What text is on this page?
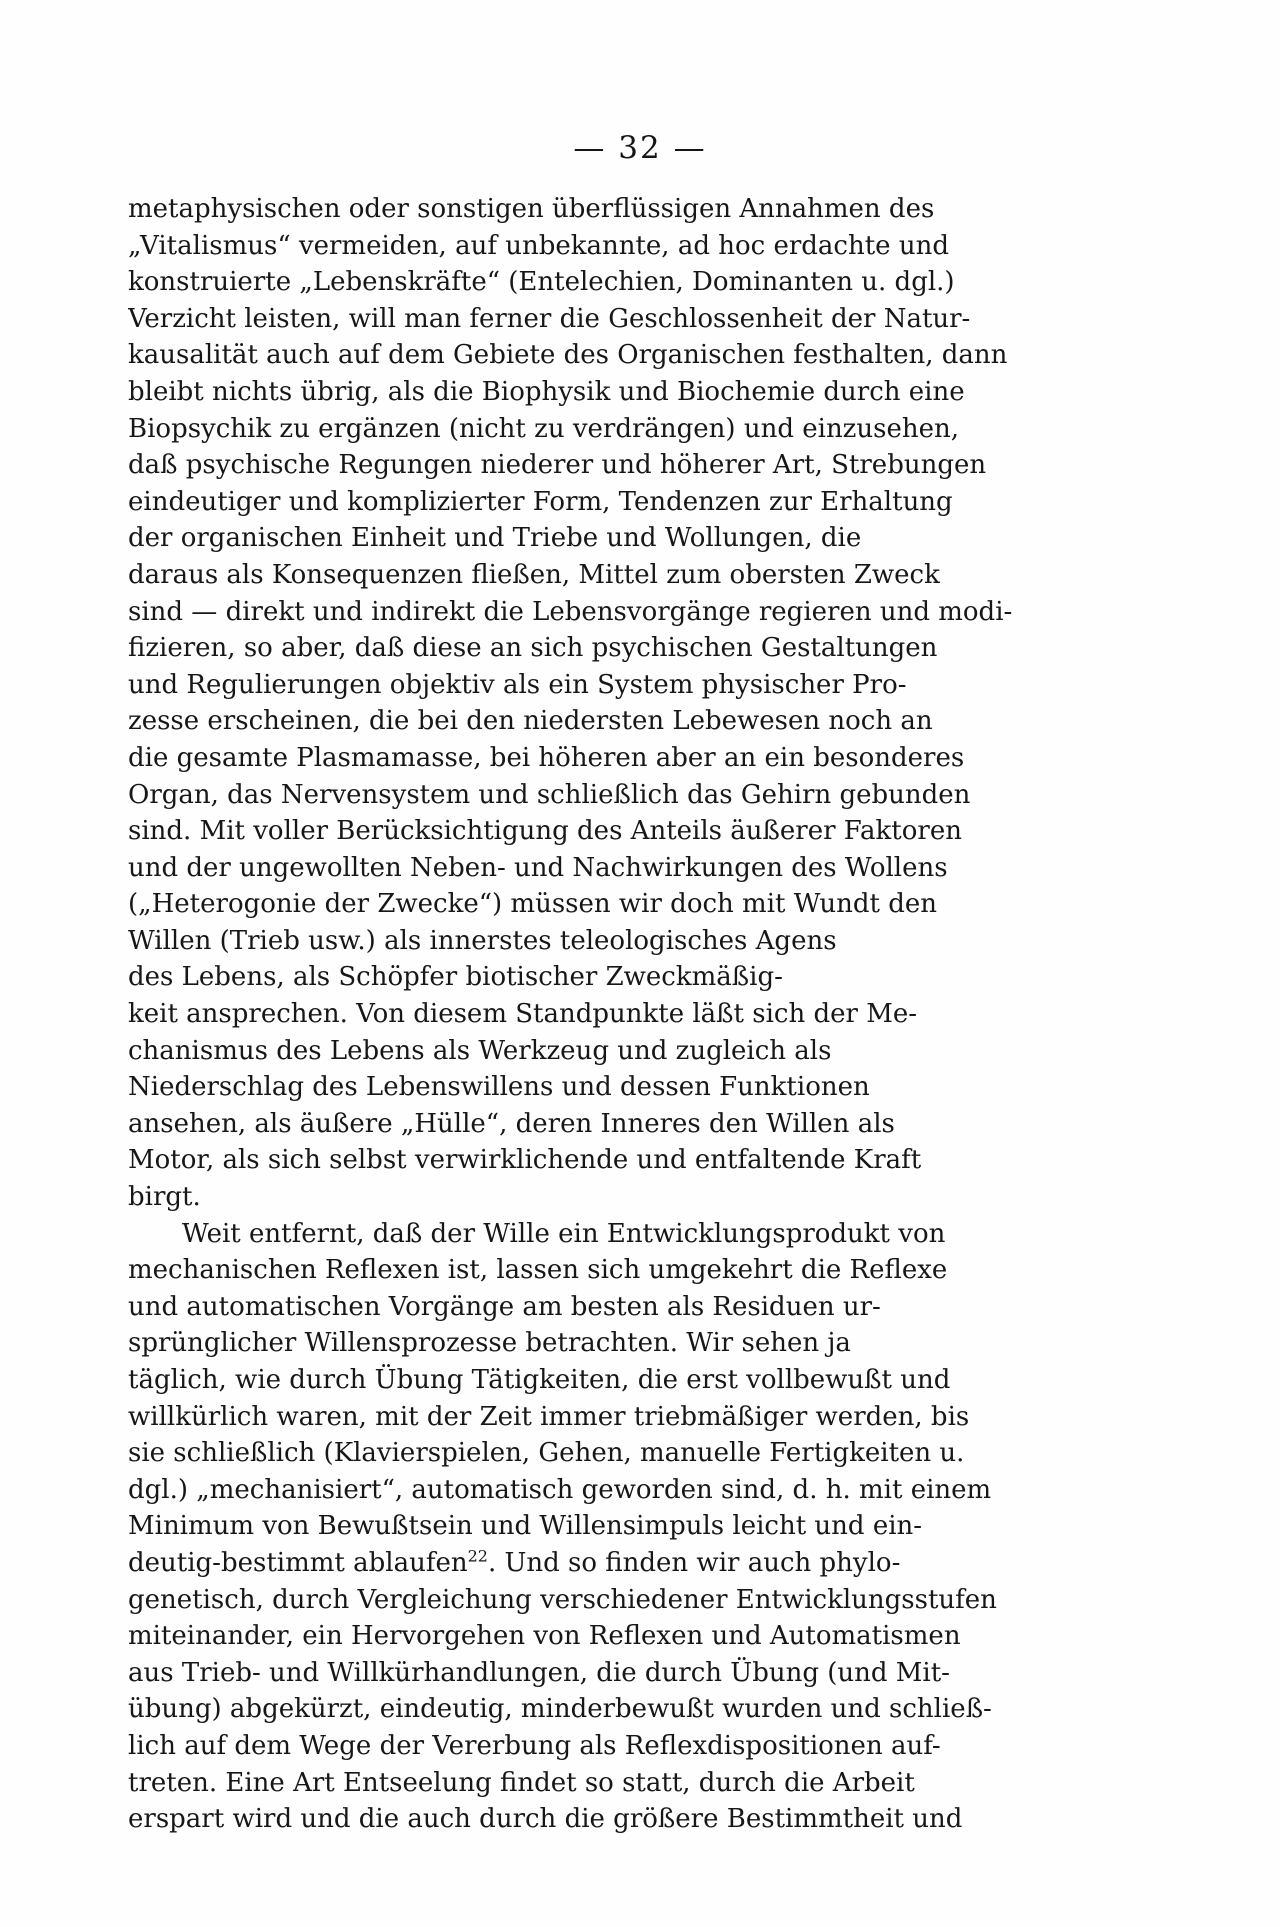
— 32 —
metaphysischen oder sonstigen überflüssigen Annahmen des
„Vitalismus“ vermeiden, auf unbekannte, ad hoc erdachte und
konstruierte „Lebenskräfte“ (Entelechien, Dominanten u. dgl.)
Verzicht leisten, will man ferner die Geschlossenheit der Natur-
kausalität auch auf dem Gebiete des Organischen festhalten, dann
bleibt nichts übrig, als die Biophysik und Biochemie durch eine
Biopsychik zu ergänzen (nicht zu verdrängen) und einzusehen,
daß psychische Regungen niederer und höherer Art, Strebungen
eindeutiger und komplizierter Form, Tendenzen zur Erhaltung
der organischen Einheit und Triebe und Wollungen, die
daraus als Konsequenzen fließen, Mittel zum obersten Zweck
sind — direkt und indirekt die Lebensvorgänge regieren und modi-
fizieren, so aber, daß diese an sich psychischen Gestaltungen
und Regulierungen objektiv als ein System physischer Pro-
zesse erscheinen, die bei den niedersten Lebewesen noch an
die gesamte Plasmamasse, bei höheren aber an ein besonderes
Organ, das Nervensystem und schließlich das Gehirn gebunden
sind. Mit voller Berücksichtigung des Anteils äußerer Faktoren
und der ungewollten Neben- und Nachwirkungen des Wollens
(„Heterogonie der Zwecke“) müssen wir doch mit Wundt den
Willen (Trieb usw.) als innerstes teleologisches Agens
des Lebens, als Schöpfer biotischer Zweckmäßig-
keit ansprechen. Von diesem Standpunkte läßt sich der Me-
chanismus des Lebens als Werkzeug und zugleich als
Niederschlag des Lebenswillens und dessen Funktionen
ansehen, als äußere „Hülle“, deren Inneres den Willen als
Motor, als sich selbst verwirklichende und entfaltende Kraft
birgt.
Weit entfernt, daß der Wille ein Entwicklungsprodukt von
mechanischen Reflexen ist, lassen sich umgekehrt die Reflexe
und automatischen Vorgänge am besten als Residuen ur-
sprünglicher Willensprozesse betrachten. Wir sehen ja
täglich, wie durch Übung Tätigkeiten, die erst vollbewußt und
willkürlich waren, mit der Zeit immer triebmäßiger werden, bis
sie schließlich (Klavierspielen, Gehen, manuelle Fertigkeiten u.
dgl.) „mechanisiert“, automatisch geworden sind, d. h. mit einem
Minimum von Bewußtsein und Willensimpuls leicht und ein-
deutig-bestimmt ablaufen$^{22}$. Und so finden wir auch phylo-
genetisch, durch Vergleichung verschiedener Entwicklungsstufen
miteinander, ein Hervorgehen von Reflexen und Automatismen
aus Trieb- und Willkürhandlungen, die durch Übung (und Mit-
übung) abgekürzt, eindeutig, minderbewußt wurden und schließ-
lich auf dem Wege der Vererbung als Reflexdispositionen auf-
treten. Eine Art Entseelung findet so statt, durch die Arbeit
erspart wird und die auch durch die größere Bestimmtheit und
